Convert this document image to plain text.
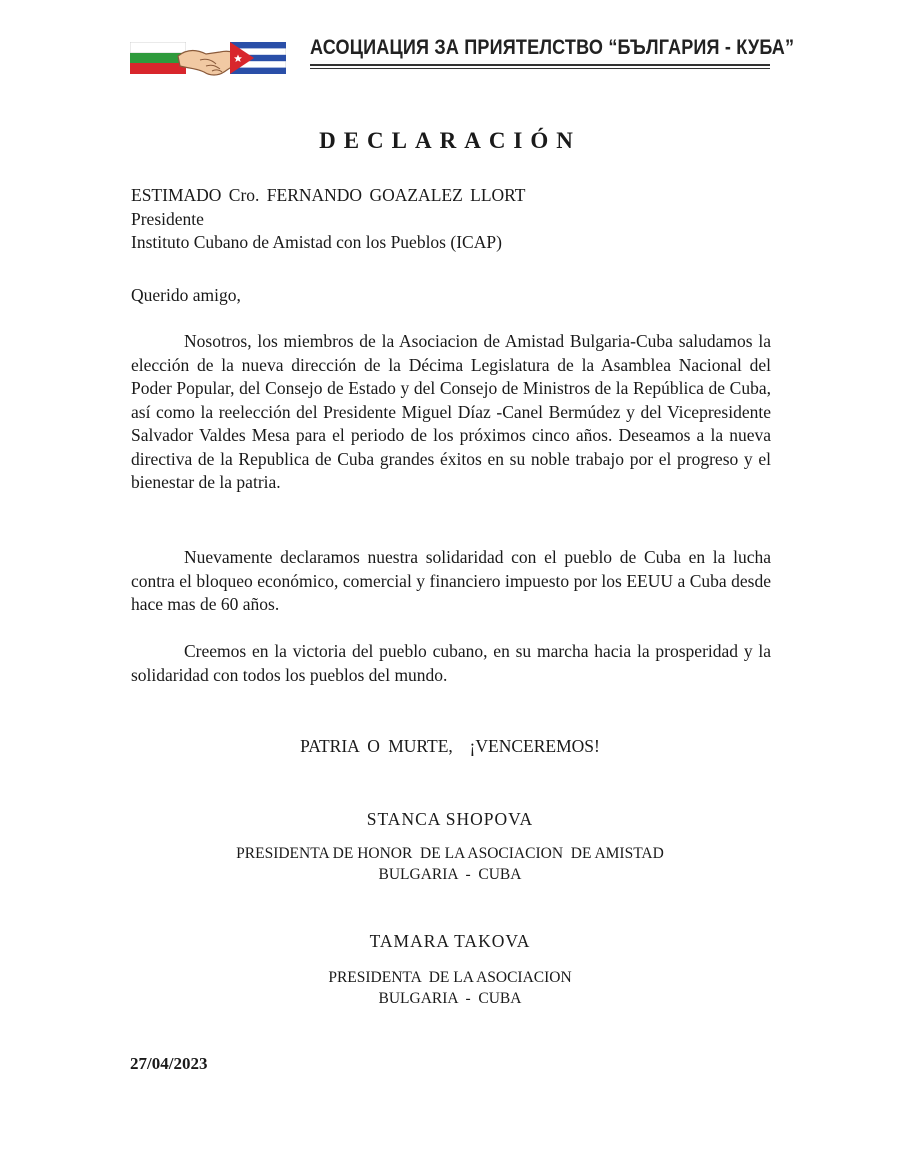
АСОЦИАЦИЯ ЗА ПРИЯТЕЛСТВО “БЪЛГАРИЯ - КУБА”
DECLARACIÓN
ESTIMADO Cro. FERNANDO GOAZALEZ LLORT
Presidente
Instituto Cubano de Amistad con los Pueblos (ICAP)
Querido amigo,
Nosotros, los miembros de la Asociacion de Amistad Bulgaria-Cuba saludamos la elección de la nueva dirección de la Décima Legislatura de la Asamblea Nacional del Poder Popular, del Consejo de Estado y del Consejo de Ministros de la República de Cuba, así como la reelección del Presidente Miguel Díaz -Canel Bermúdez y del Vicepresidente Salvador Valdes Mesa para el periodo de los próximos cinco años. Deseamos a la nueva directiva de la Republica de Cuba grandes éxitos en su noble trabajo por el progreso y el bienestar de la patria.
Nuevamente declaramos nuestra solidaridad con el pueblo de Cuba en la lucha contra el bloqueo económico, comercial y financiero impuesto por los EEUU a Cuba desde hace mas de 60 años.
Creemos en la victoria del pueblo cubano, en su marcha hacia la prosperidad y la solidaridad con todos los pueblos del mundo.
PATRIA O MURTE,  ¡VENCEREMOS!
STANCA SHOPOVA
PRESIDENTA DE HONOR  DE LA ASOCIACION  DE AMISTAD
BULGARIA  -  CUBA
TAMARA TAKOVA
PRESIDENTA  DE LA ASOCIACION
BULGARIA  -  CUBA
27/04/2023
